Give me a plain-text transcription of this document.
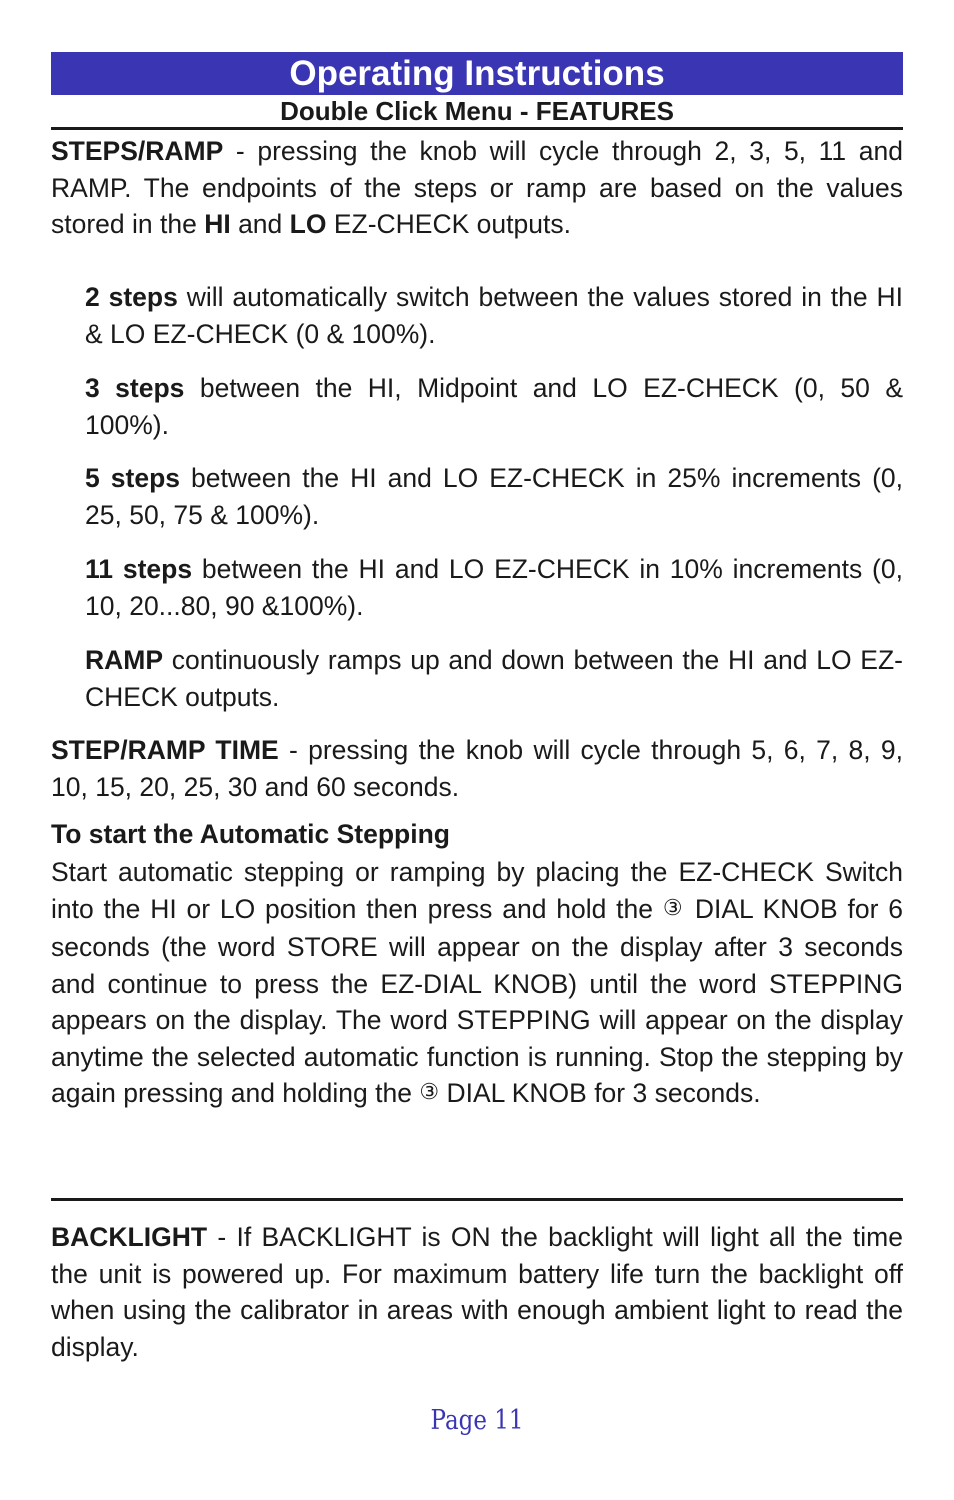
Operating Instructions
Double Click Menu - FEATURES

STEPS/RAMP - pressing the knob will cycle through 2, 3, 5, 11 and RAMP. The endpoints of the steps or ramp are based on the values stored in the HI and LO EZ-CHECK outputs.

2 steps will automatically switch between the values stored in the HI & LO EZ-CHECK (0 & 100%).

3 steps between the HI, Midpoint and LO EZ-CHECK (0, 50 & 100%).

5 steps between the HI and LO EZ-CHECK in 25% increments (0, 25, 50, 75 & 100%).

11 steps between the HI and LO EZ-CHECK in 10% increments (0, 10, 20...80, 90 &100%).

RAMP continuously ramps up and down between the HI and LO EZ-CHECK outputs.

STEP/RAMP TIME - pressing the knob will cycle through 5, 6, 7, 8, 9, 10, 15, 20, 25, 30 and 60 seconds.

To start the Automatic Stepping

Start automatic stepping or ramping by placing the EZ-CHECK Switch into the HI or LO position then press and hold the ③ DIAL KNOB for 6 seconds (the word STORE will appear on the display after 3 seconds and continue to press the EZ-DIAL KNOB) until the word STEPPING appears on the display. The word STEPPING will appear on the display anytime the selected automatic function is running. Stop the stepping by again pressing and holding the ③ DIAL KNOB for 3 seconds.

BACKLIGHT - If BACKLIGHT is ON the backlight will light all the time the unit is powered up. For maximum battery life turn the backlight off when using the calibrator in areas with enough ambient light to read the display.

Page 11
